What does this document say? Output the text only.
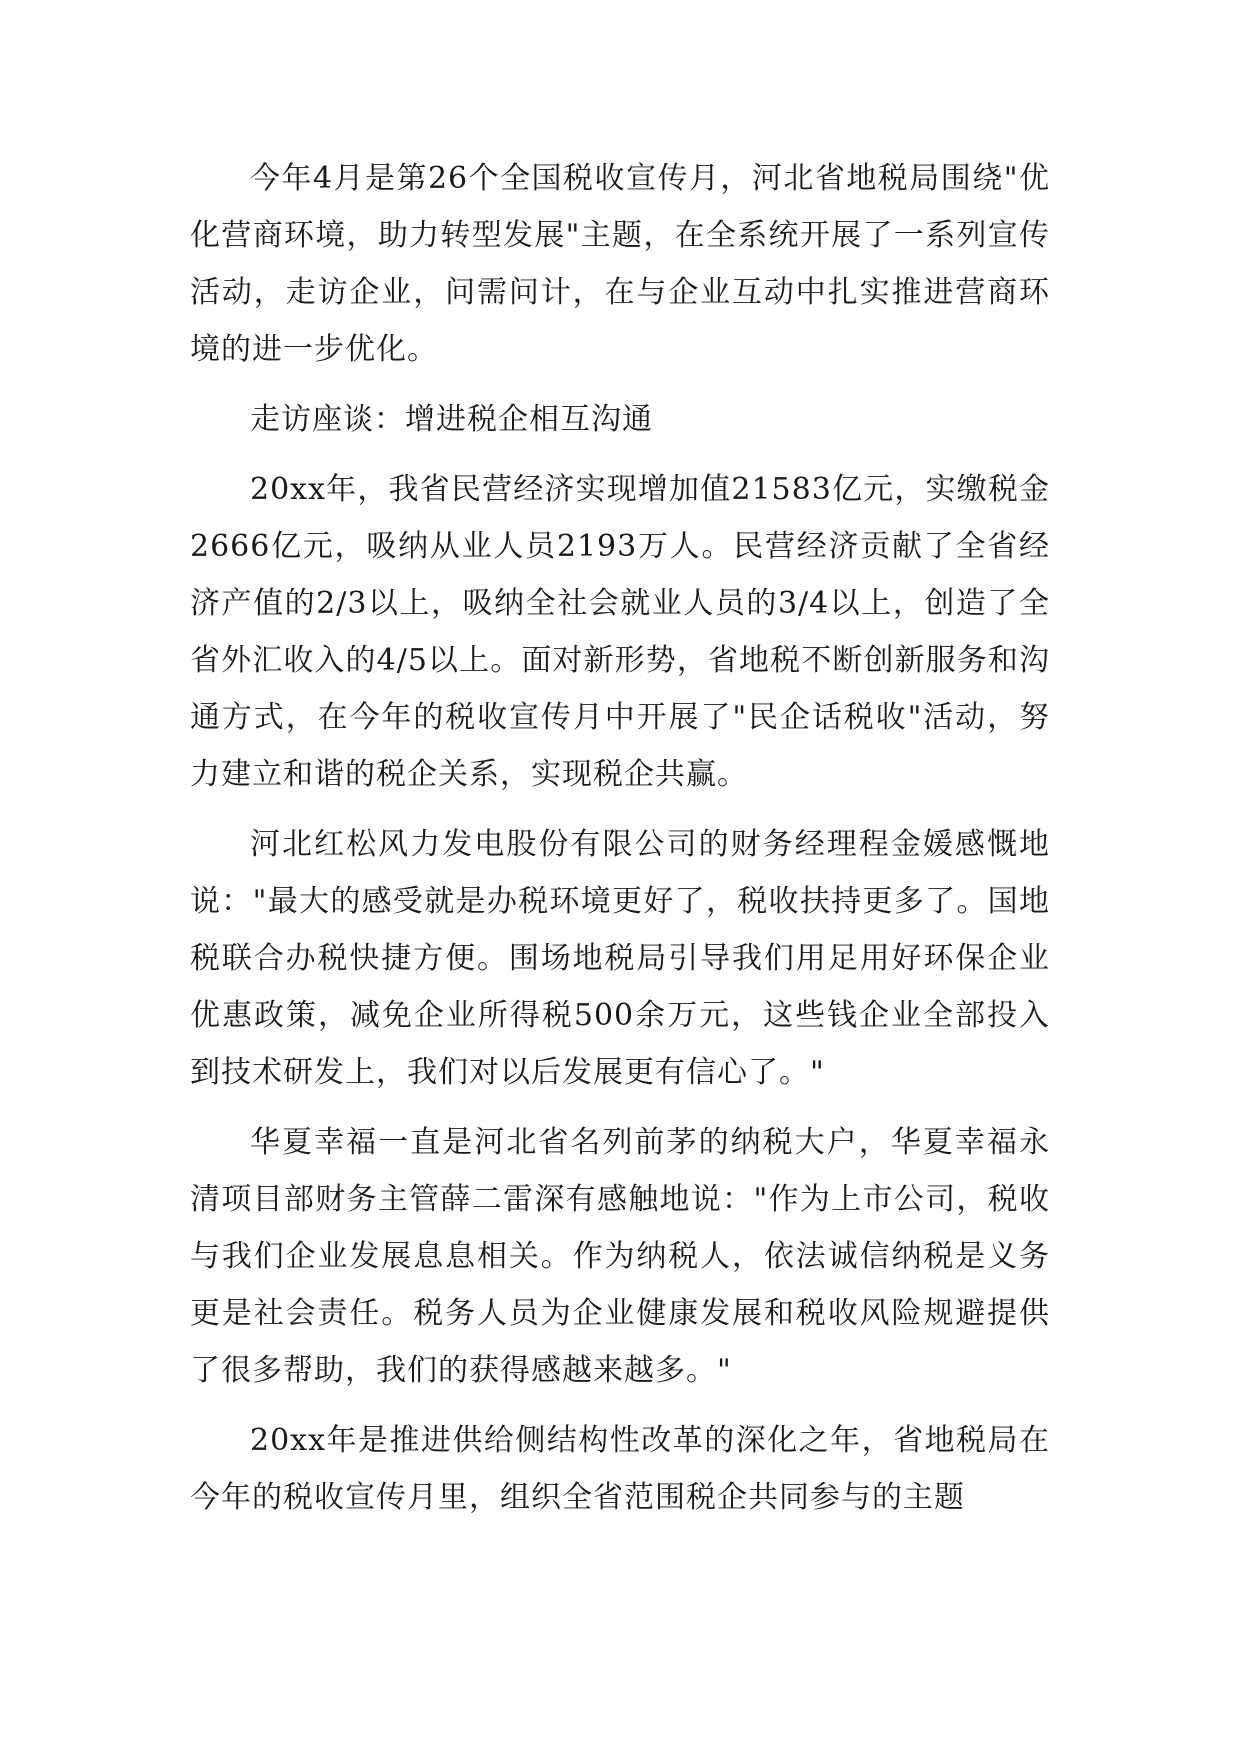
今年4月是第26个全国税收宣传月，河北省地税局围绕"优化营商环境，助力转型发展"主题，在全系统开展了一系列宣传活动，走访企业，问需问计，在与企业互动中扎实推进营商环境的进一步优化。

走访座谈：增进税企相互沟通

20xx年，我省民营经济实现增加值21583亿元，实缴税金2666亿元，吸纳从业人员2193万人。民营经济贡献了全省经济产值的2/3以上，吸纳全社会就业人员的3/4以上，创造了全省外汇收入的4/5以上。面对新形势，省地税不断创新服务和沟通方式，在今年的税收宣传月中开展了"民企话税收"活动，努力建立和谐的税企关系，实现税企共赢。

河北红松风力发电股份有限公司的财务经理程金媛感慨地说："最大的感受就是办税环境更好了，税收扶持更多了。国地税联合办税快捷方便。围场地税局引导我们用足用好环保企业优惠政策，减免企业所得税500余万元，这些钱企业全部投入到技术研发上，我们对以后发展更有信心了。"

华夏幸福一直是河北省名列前茅的纳税大户，华夏幸福永清项目部财务主管薛二雷深有感触地说："作为上市公司，税收与我们企业发展息息相关。作为纳税人，依法诚信纳税是义务更是社会责任。税务人员为企业健康发展和税收风险规避提供了很多帮助，我们的获得感越来越多。"

20xx年是推进供给侧结构性改革的深化之年，省地税局在今年的税收宣传月里，组织全省范围税企共同参与的主题
